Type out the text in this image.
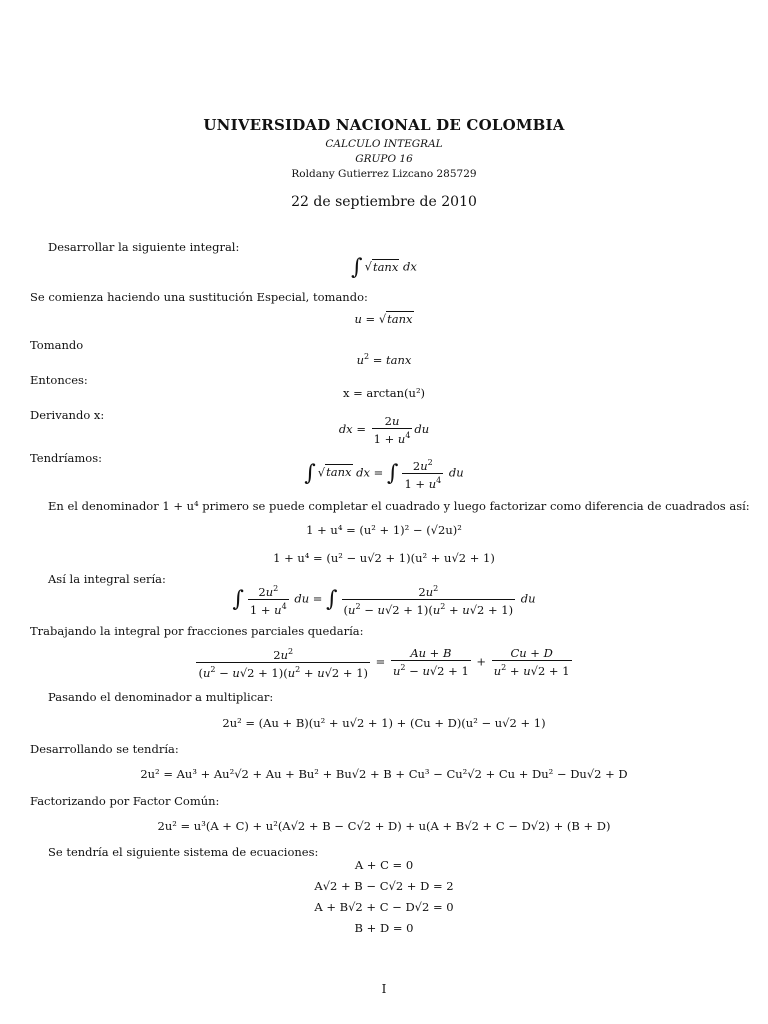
UNIVERSIDAD NACIONAL DE COLOMBIA
CALCULO INTEGRAL
GRUPO 16
Roldany Gutierrez Lizcano 285729
22 de septiembre de 2010
Desarrollar la siguiente integral:
∫ √tanx dx
Se comienza haciendo una sustitución Especial, tomando:
u = √tanx
Tomando
$u^2 = \tan x$
Entonces:
x = arctan(u²)
Derivando x:
dx = $\frac{2u}{1 + u^4}$ du
Tendríamos:
∫ √tanx dx = ∫ $\frac{2u^2}{1 + u^4}$ du
En el denominador 1 + u⁴ primero se puede completar el cuadrado y luego factorizar como diferencia de cuadrados así:
1 + u⁴ = (u² + 1)² − (√2u)²
1 + u⁴ = (u² − u√2 + 1)(u² + u√2 + 1)
Así la integral sería:
∫ $\frac{2u^2}{1 + u^4}$ du = ∫ $\frac{2u^2}{(u^2 - u√2 + 1)(u^2 + u√2 + 1)}$ du
Trabajando la integral por fracciones parciales quedaría:
$\frac{2u^2}{(u^2 - u√2 + 1)(u^2 + u√2 + 1)} = \frac{Au + B}{u^2 - u√2 + 1} + \frac{Cu + D}{u^2 + u√2 + 1}$
Pasando el denominador a multiplicar:
2u² = (Au + B)(u² + u√2 + 1) + (Cu + D)(u² − u√2 + 1)
Desarrollando se tendría:
2u² = Au³ + Au²√2 + Au + Bu² + Bu√2 + B + Cu³ − Cu²√2 + Cu + Du² − Du√2 + D
Factorizando por Factor Común:
2u² = u³(A + C) + u²(A√2 + B − C√2 + D) + u(A + B√2 + C − D√2) + (B + D)
Se tendría el siguiente sistema de ecuaciones:
A + C = 0
A√2 + B − C√2 + D = 2
A + B√2 + C − D√2 = 0
B + D = 0
I
